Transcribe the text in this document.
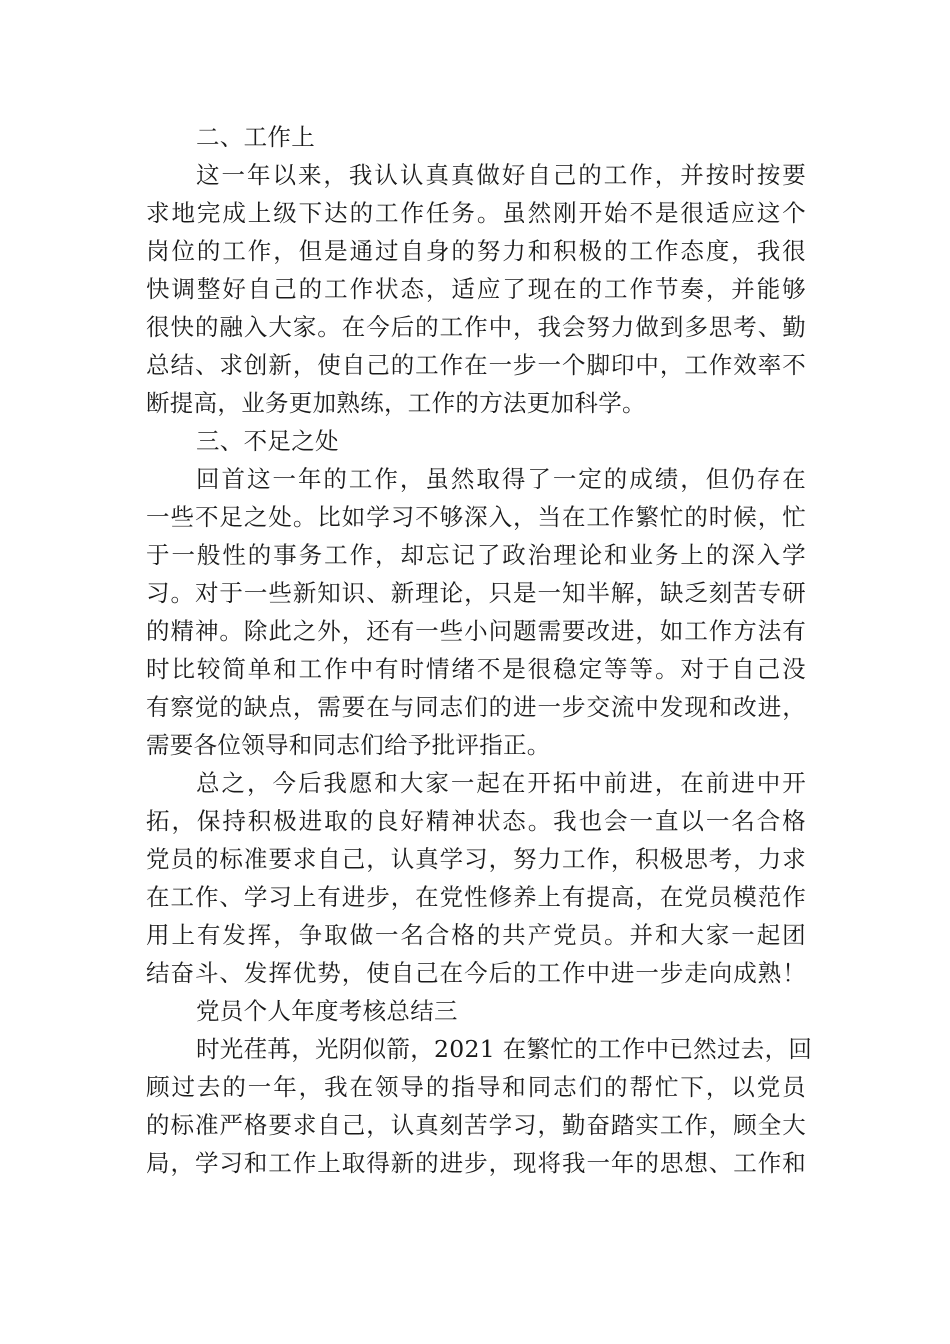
二、工作上
这一年以来，我认认真真做好自己的工作，并按时按要
求地完成上级下达的工作任务。虽然刚开始不是很适应这个
岗位的工作，但是通过自身的努力和积极的工作态度，我很
快调整好自己的工作状态，适应了现在的工作节奏，并能够
很快的融入大家。在今后的工作中，我会努力做到多思考、勤
总结、求创新，使自己的工作在一步一个脚印中，工作效率不
断提高，业务更加熟练，工作的方法更加科学。
三、不足之处
回首这一年的工作，虽然取得了一定的成绩，但仍存在
一些不足之处。比如学习不够深入，当在工作繁忙的时候，忙
于一般性的事务工作，却忘记了政治理论和业务上的深入学
习。对于一些新知识、新理论，只是一知半解，缺乏刻苦专研
的精神。除此之外，还有一些小问题需要改进，如工作方法有
时比较简单和工作中有时情绪不是很稳定等等。对于自己没
有察觉的缺点，需要在与同志们的进一步交流中发现和改进，
需要各位领导和同志们给予批评指正。
总之，今后我愿和大家一起在开拓中前进，在前进中开
拓，保持积极进取的良好精神状态。我也会一直以一名合格
党员的标准要求自己，认真学习，努力工作，积极思考，力求
在工作、学习上有进步，在党性修养上有提高，在党员模范作
用上有发挥，争取做一名合格的共产党员。并和大家一起团
结奋斗、发挥优势，使自己在今后的工作中进一步走向成熟！
党员个人年度考核总结三
时光荏苒，光阴似箭，2021 在繁忙的工作中已然过去，回
顾过去的一年，我在领导的指导和同志们的帮忙下，以党员
的标准严格要求自己，认真刻苦学习，勤奋踏实工作，顾全大
局，学习和工作上取得新的进步，现将我一年的思想、工作和
